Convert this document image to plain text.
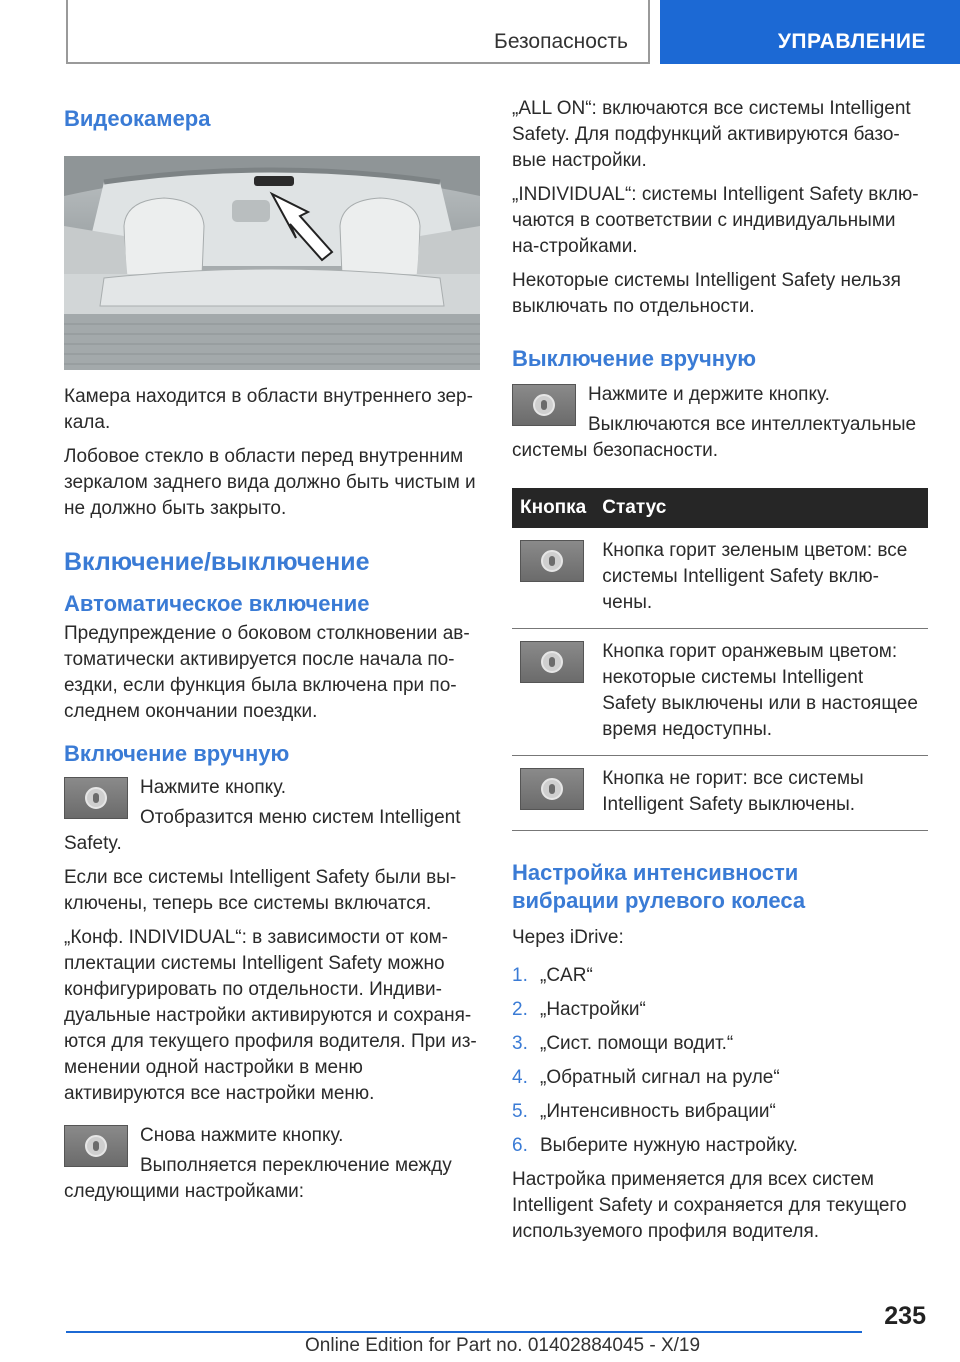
Безопасность	УПРАВЛЕНИЕ
Видеокамера

Камера находится в области внутреннего зер-кала.

Лобовое стекло в области перед внутренним зеркалом заднего вида должно быть чистым и не должно быть закрыто.

Включение/выключение
Автоматическое включение

Предупреждение о боковом столкновении ав-томатически активируется после начала по-ездки, если функция была включена при по-следнем окончании поездки.

Включение вручную

Нажмите кнопку.

Отобразится меню систем Intelligent Safety.

Если все системы Intelligent Safety были вы-ключены, теперь все системы включатся.

„Конф. INDIVIDUAL“: в зависимости от ком-плектации системы Intelligent Safety можно конфигурировать по отдельности. Индиви-дуальные настройки активируются и сохраня-ются для текущего профиля водителя. При из-менении одной настройки в меню активируются все настройки меню.

Снова нажмите кнопку.

Выполняется переключение между следующими настройками:

„ALL ON“: включаются все системы Intelligent Safety. Для подфункций активируются базо-вые настройки.

„INDIVIDUAL“: системы Intelligent Safety вклю-чаются в соответствии с индивидуальными на-стройками.

Некоторые системы Intelligent Safety нельзя выключать по отдельности.

Выключение вручную

Нажмите и держите кнопку.

Выключаются все интеллектуальные системы безопасности.

Кнопка	Статус

	Кнопка горит зеленым цветом: все системы Intelligent Safety вклю-чены.

	Кнопка горит оранжевым цветом: некоторые системы Intelligent Safety выключены или в настоящее время недоступны.

	Кнопка не горит: все системы Intelligent Safety выключены.
Настройка интенсивности вибрации рулевого колеса

Через iDrive:

1. „CAR“
2. „Настройки“
3. „Сист. помощи водит.“
4. „Обратный сигнал на руле“
5. „Интенсивность вибрации“
6. Выберите нужную настройку.

Настройка применяется для всех систем Intelligent Safety и сохраняется для текущего используемого профиля водителя.

235
Online Edition for Part no. 01402884045 - X/19
